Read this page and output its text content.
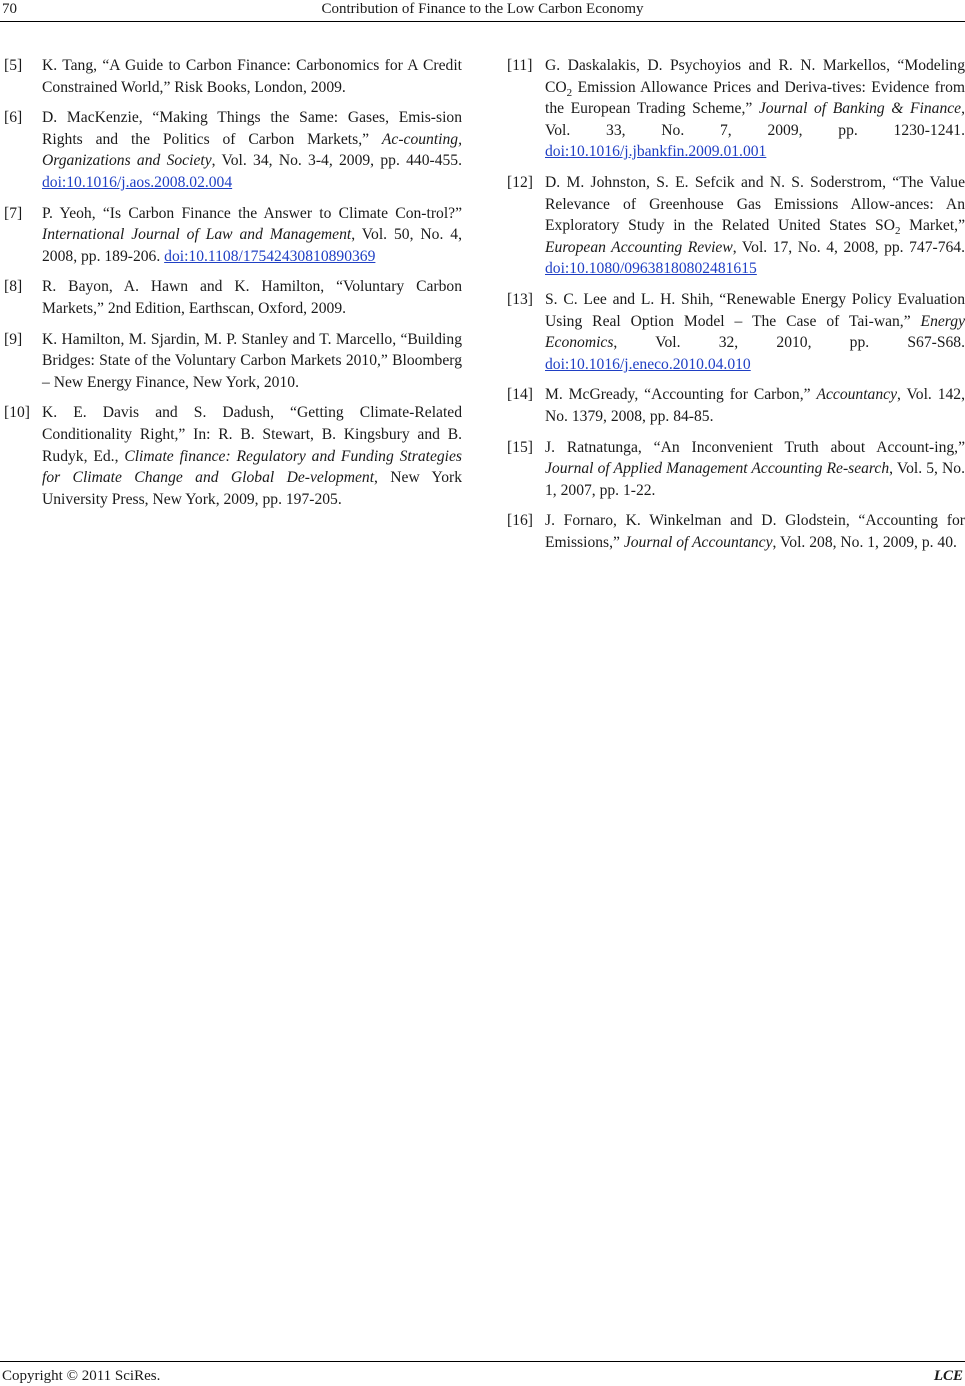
70	Contribution of Finance to the Low Carbon Economy
[5] K. Tang, “A Guide to Carbon Finance: Carbonomics for A Credit Constrained World,” Risk Books, London, 2009.
[6] D. MacKenzie, “Making Things the Same: Gases, Emis-sion Rights and the Politics of Carbon Markets,” Ac-counting, Organizations and Society, Vol. 34, No. 3-4, 2009, pp. 440-455. doi:10.1016/j.aos.2008.02.004
[7] P. Yeoh, “Is Carbon Finance the Answer to Climate Con-trol?” International Journal of Law and Management, Vol. 50, No. 4, 2008, pp. 189-206. doi:10.1108/17542430810890369
[8] R. Bayon, A. Hawn and K. Hamilton, “Voluntary Carbon Markets,” 2nd Edition, Earthscan, Oxford, 2009.
[9] K. Hamilton, M. Sjardin, M. P. Stanley and T. Marcello, “Building Bridges: State of the Voluntary Carbon Markets 2010,” Bloomberg – New Energy Finance, New York, 2010.
[10] K. E. Davis and S. Dadush, “Getting Climate-Related Conditionality Right,” In: R. B. Stewart, B. Kingsbury and B. Rudyk, Ed., Climate finance: Regulatory and Funding Strategies for Climate Change and Global De-velopment, New York University Press, New York, 2009, pp. 197-205.
[11] G. Daskalakis, D. Psychoyios and R. N. Markellos, “Modeling $CO_2$ Emission Allowance Prices and Deriva-tives: Evidence from the European Trading Scheme,” Journal of Banking & Finance, Vol. 33, No. 7, 2009, pp. 1230-1241. doi:10.1016/j.jbankfin.2009.01.001
[12] D. M. Johnston, S. E. Sefcik and N. S. Soderstrom, “The Value Relevance of Greenhouse Gas Emissions Allow-ances: An Exploratory Study in the Related United States $SO_2$ Market,” European Accounting Review, Vol. 17, No. 4, 2008, pp. 747-764. doi:10.1080/09638180802481615
[13] S. C. Lee and L. H. Shih, “Renewable Energy Policy Evaluation Using Real Option Model – The Case of Tai-wan,” Energy Economics, Vol. 32, 2010, pp. S67-S68. doi:10.1016/j.eneco.2010.04.010
[14] M. McGready, “Accounting for Carbon,” Accountancy, Vol. 142, No. 1379, 2008, pp. 84-85.
[15] J. Ratnatunga, “An Inconvenient Truth about Account-ing,” Journal of Applied Management Accounting Re-search, Vol. 5, No. 1, 2007, pp. 1-22.
[16] J. Fornaro, K. Winkelman and D. Glodstein, “Accounting for Emissions,” Journal of Accountancy, Vol. 208, No. 1, 2009, p. 40.
Copyright © 2011 SciRes.	LCE
